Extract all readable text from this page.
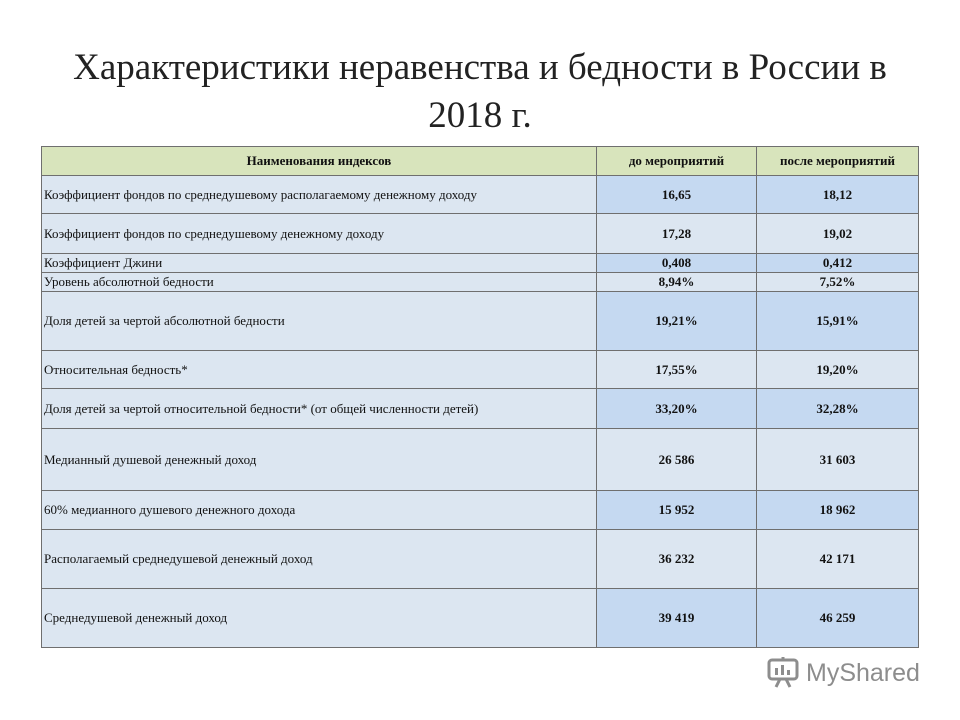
Характеристики неравенства и бедности в России в 2018 г.
Наименования индексов	до мероприятий	после мероприятий
Коэффициент фондов по среднедушевому располагаемому денежному доходу	16,65	18,12
Коэффициент фондов по среднедушевому денежному доходу	17,28	19,02
Коэффициент Джини	0,408	0,412
Уровень абсолютной бедности	8,94%	7,52%
Доля детей за чертой абсолютной бедности	19,21%	15,91%
Относительная бедность*	17,55%	19,20%
Доля детей за чертой относительной бедности* (от общей численности детей)	33,20%	32,28%
Медианный душевой денежный доход	26 586	31 603
60% медианного душевого денежного дохода	15 952	18 962
Располагаемый среднедушевой денежный доход	36 232	42 171
Среднедушевой денежный доход	39 419	46 259
MyShared
